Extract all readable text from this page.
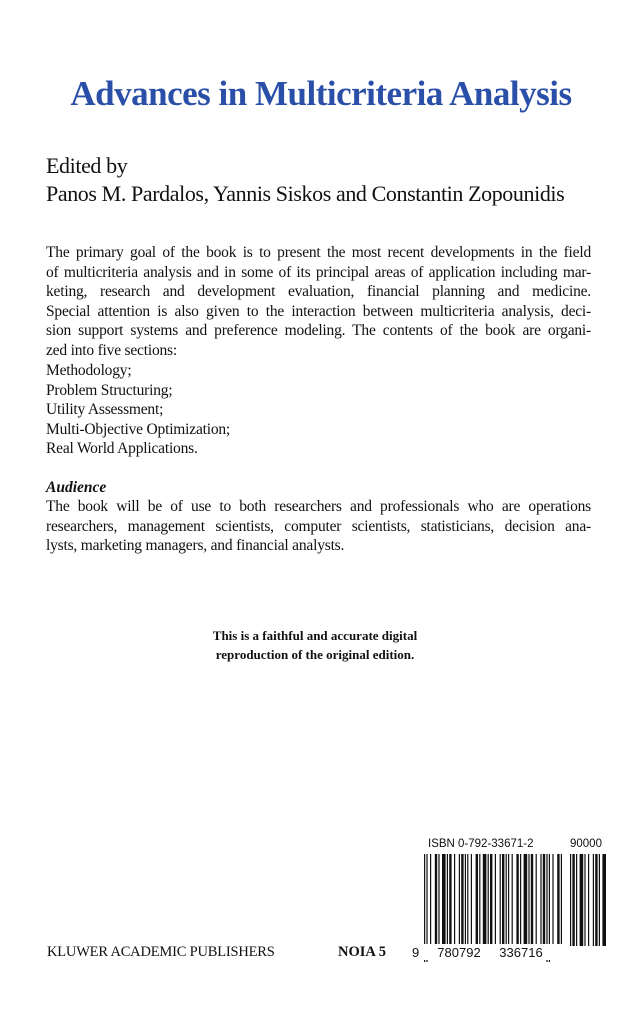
Advances in Multicriteria Analysis
Edited by
Panos M. Pardalos, Yannis Siskos and Constantin Zopounidis
The primary goal of the book is to present the most recent developments in the field
of multicriteria analysis and in some of its principal areas of application including mar-
keting, research and development evaluation, financial planning and medicine.
Special attention is also given to the interaction between multicriteria analysis, deci-
sion support systems and preference modeling. The contents of the book are organi-
zed into five sections:
Methodology;
Problem Structuring;
Utility Assessment;
Multi-Objective Optimization;
Real World Applications.
Audience
The book will be of use to both researchers and professionals who are operations
researchers, management scientists, computer scientists, statisticians, decision ana-
lysts, marketing managers, and financial analysts.
This is a faithful and accurate digital
reproduction of the original edition.
ISBN 0-792-33671-2	90000
9 780792 336716
KLUWER ACADEMIC PUBLISHERS	NOIA 5
